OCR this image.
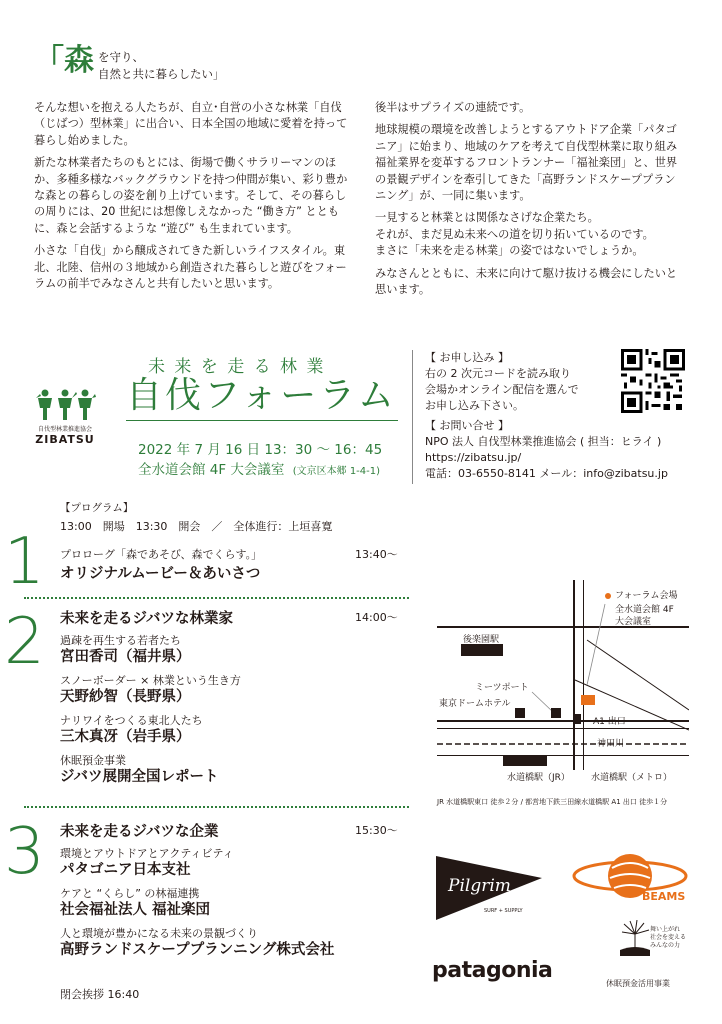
「森 を守り、
自然と共に暮らしたい」

そんな想いを抱える人たちが、自立･自営の小さな林業「自伐（じばつ）型林業」に出合い、日本全国の地域に愛着を持って暮らし始めました。

新たな林業者たちのもとには、街場で働くサラリーマンのほか、多種多様なバックグラウンドを持つ仲間が集い、彩り豊かな森との暮らしの姿を創り上げています。そして、その暮らしの周りには、20 世紀には想像しえなかった “働き方” とともに、森と会話するような “遊び” も生まれています。

小さな「自伐」から醸成されてきた新しいライフスタイル。東北、北陸、信州の３地域から創造された暮らしと遊びをフォーラムの前半でみなさんと共有したいと思います。

後半はサプライズの連続です。

地球規模の環境を改善しようとするアウトドア企業「パタゴニア」に始まり、地域のケアを考えて自伐型林業に取り組み福祉業界を変革するフロントランナー「福祉楽団」と、世界の景観デザインを牽引してきた「高野ランドスケーププランニング」が、一同に集います。

一見すると林業とは関係なさげな企業たち。
それが、まだ見ぬ未来への道を切り拓いているのです。
まさに「未来を走る林業」の姿ではないでしょうか。

みなさんとともに、未来に向けて駆け抜ける機会にしたいと思います。

自伐型林業推進協会
ZIBATSU
未 来 を 走 る 林 業
自伐フォーラム
2022 年 7 月 16 日 13：30 〜 16：45
全水道会館 4F 大会議室 (文京区本郷 1-4-1)
【 お申し込み 】
右の 2 次元コードを読み取り
会場かオンライン配信を選んで
お申し込み下さい。
【 お問い合せ 】
NPO 法人 自伐型林業推進協会 ( 担当：ヒライ )
https://zibatsu.jp/
電話：03-6550-8141 メール：info@zibatsu.jp
【プログラム】
13:00　開場　13:30　開会　／　全体進行：上垣喜寛
1 プロローグ「森であそび、森でくらす。」	13:40〜
オリジナルムービー＆あいさつ
2 未来を走るジバツな林業家	14:00〜
過疎を再生する若者たち
宮田香司（福井県）
スノーボーダー × 林業という生き方
天野紗智（長野県）
ナリワイをつくる東北人たち
三木真冴（岩手県）
休眠預金事業
ジバツ展開全国レポート
3 未来を走るジバツな企業	15:30〜
環境とアウトドアとアクティビティ
パタゴニア日本支社
ケアと “くらし” の林福連携
社会福祉法人 福祉楽団
人と環境が豊かになる未来の景観づくり
高野ランドスケーププランニング株式会社
閉会挨拶 16:40
フォーラム会場
全水道会館 4F
大会議室
後楽園駅
ミーツポート
東京ドームホテル
A1 出口
神田川
水道橋駅（JR） 水道橋駅（メトロ）
JR 水道橋駅東口 徒歩２分 / 都営地下鉄三田線水道橋駅 A1 出口 徒歩１分
Pilgrim
SURF + SUPPLY
BEAMS
patagonia
舞い上がれ
社会を変える
みんなの力
休眠預金活用事業
